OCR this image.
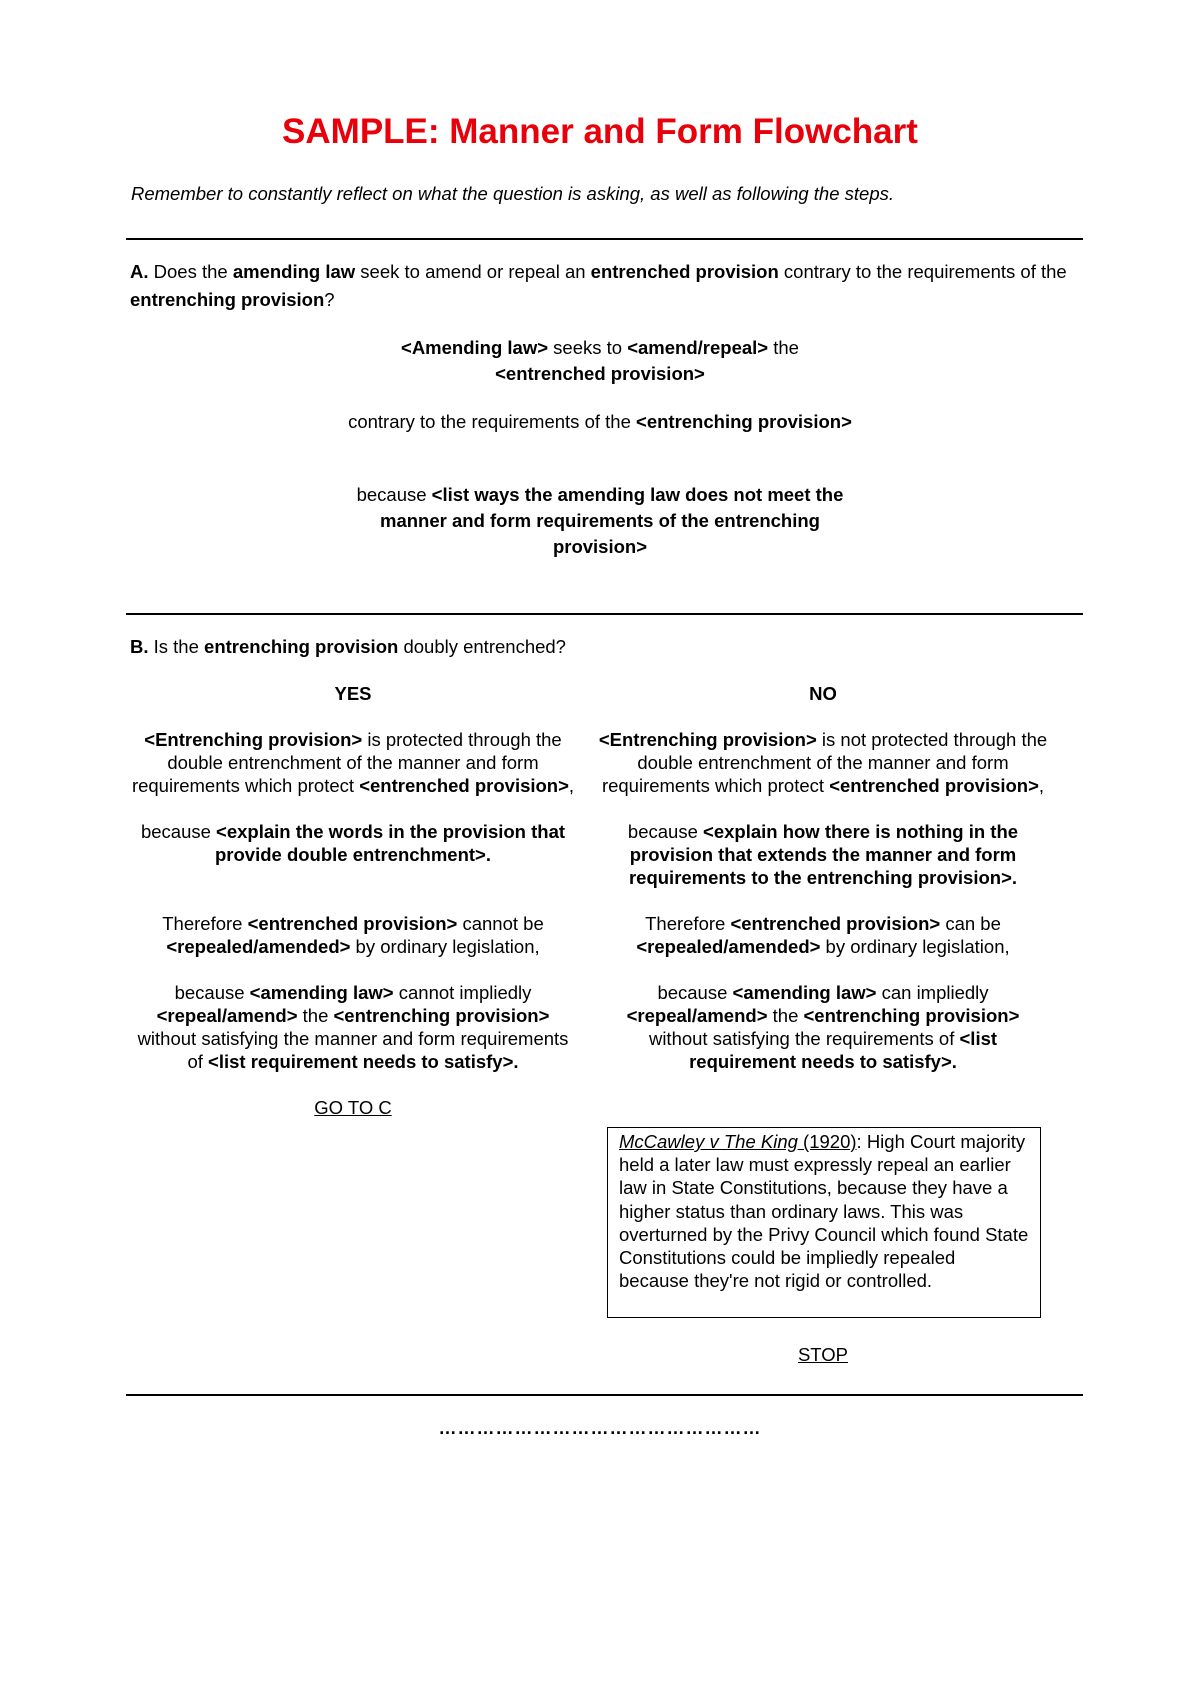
SAMPLE: Manner and Form Flowchart

Remember to constantly reflect on what the question is asking, as well as following the steps.

A. Does the amending law seek to amend or repeal an entrenched provision contrary to the requirements of the entrenching provision?

<Amending law> seeks to <amend/repeal> the
<entrenched provision>

contrary to the requirements of the <entrenching provision>

because <list ways the amending law does not meet the manner and form requirements of the entrenching provision>

B. Is the entrenching provision doubly entrenched?

YES

<Entrenching provision> is protected through the double entrenchment of the manner and form requirements which protect <entrenched provision>,

because <explain the words in the provision that provide double entrenchment>.

Therefore <entrenched provision> cannot be <repealed/amended> by ordinary legislation,

because <amending law> cannot impliedly <repeal/amend> the <entrenching provision> without satisfying the manner and form requirements of <list requirement needs to satisfy>.

GO TO C

NO

<Entrenching provision> is not protected through the double entrenchment of the manner and form requirements which protect <entrenched provision>,

because <explain how there is nothing in the provision that extends the manner and form requirements to the entrenching provision>.

Therefore <entrenched provision> can be <repealed/amended> by ordinary legislation,

because <amending law> can impliedly <repeal/amend> the <entrenching provision> without satisfying the requirements of <list requirement needs to satisfy>.

McCawley v The King (1920): High Court majority held a later law must expressly repeal an earlier law in State Constitutions, because they have a higher status than ordinary laws. This was overturned by the Privy Council which found State Constitutions could be impliedly repealed because they're not rigid or controlled.
STOP
……………………………………………
